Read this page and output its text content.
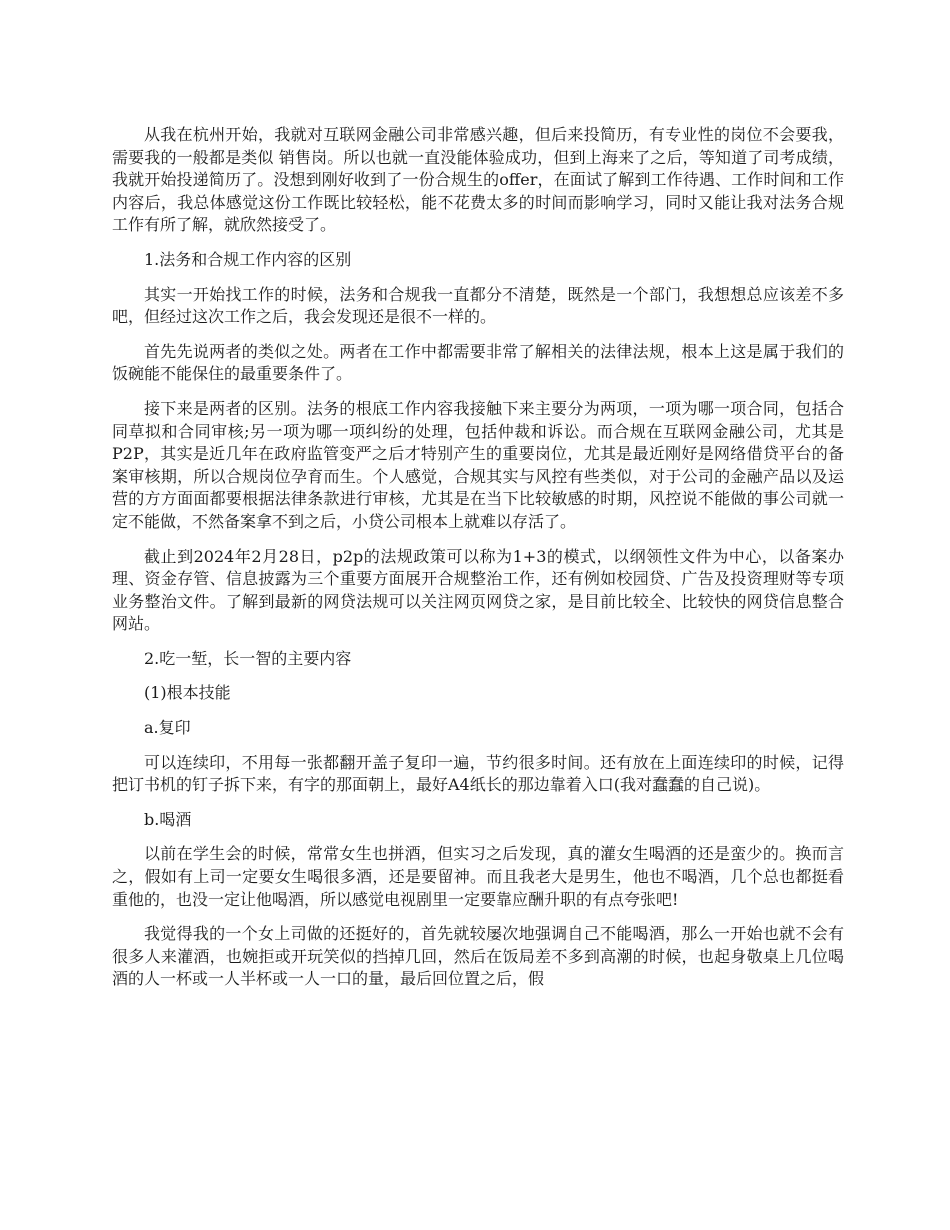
从我在杭州开始，我就对互联网金融公司非常感兴趣，但后来投简历，有专业性的岗位不会要我，需要我的一般都是类似 销售岗。所以也就一直没能体验成功，但到上海来了之后，等知道了司考成绩，我就开始投递简历了。没想到刚好收到了一份合规生的offer，在面试了解到工作待遇、工作时间和工作内容后，我总体感觉这份工作既比较轻松，能不花费太多的时间而影响学习，同时又能让我对法务合规工作有所了解，就欣然接受了。

1.法务和合规工作内容的区别

其实一开始找工作的时候，法务和合规我一直都分不清楚，既然是一个部门，我想想总应该差不多吧，但经过这次工作之后，我会发现还是很不一样的。

首先先说两者的类似之处。两者在工作中都需要非常了解相关的法律法规，根本上这是属于我们的饭碗能不能保住的最重要条件了。

接下来是两者的区别。法务的根底工作内容我接触下来主要分为两项，一项为哪一项合同，包括合同草拟和合同审核;另一项为哪一项纠纷的处理，包括仲裁和诉讼。而合规在互联网金融公司，尤其是P2P，其实是近几年在政府监管变严之后才特别产生的重要岗位，尤其是最近刚好是网络借贷平台的备案审核期，所以合规岗位孕育而生。个人感觉，合规其实与风控有些类似，对于公司的金融产品以及运营的方方面面都要根据法律条款进行审核，尤其是在当下比较敏感的时期，风控说不能做的事公司就一定不能做，不然备案拿不到之后，小贷公司根本上就难以存活了。

截止到2024年2月28日，p2p的法规政策可以称为1+3的模式，以纲领性文件为中心，以备案办理、资金存管、信息披露为三个重要方面展开合规整治工作，还有例如校园贷、广告及投资理财等专项业务整治文件。了解到最新的网贷法规可以关注网页网贷之家，是目前比较全、比较快的网贷信息整合网站。

2.吃一堑，长一智的主要内容

(1)根本技能

a.复印

可以连续印，不用每一张都翻开盖子复印一遍，节约很多时间。还有放在上面连续印的时候，记得把订书机的钉子拆下来，有字的那面朝上，最好A4纸长的那边靠着入口(我对蠢蠢的自己说)。

b.喝酒

以前在学生会的时候，常常女生也拼酒，但实习之后发现，真的灌女生喝酒的还是蛮少的。换而言之，假如有上司一定要女生喝很多酒，还是要留神。而且我老大是男生，他也不喝酒，几个总也都挺看重他的，也没一定让他喝酒，所以感觉电视剧里一定要靠应酬升职的有点夸张吧!

我觉得我的一个女上司做的还挺好的，首先就较屡次地强调自己不能喝酒，那么一开始也就不会有很多人来灌酒，也婉拒或开玩笑似的挡掉几回，然后在饭局差不多到高潮的时候，也起身敬桌上几位喝酒的人一杯或一人半杯或一人一口的量，最后回位置之后，假
